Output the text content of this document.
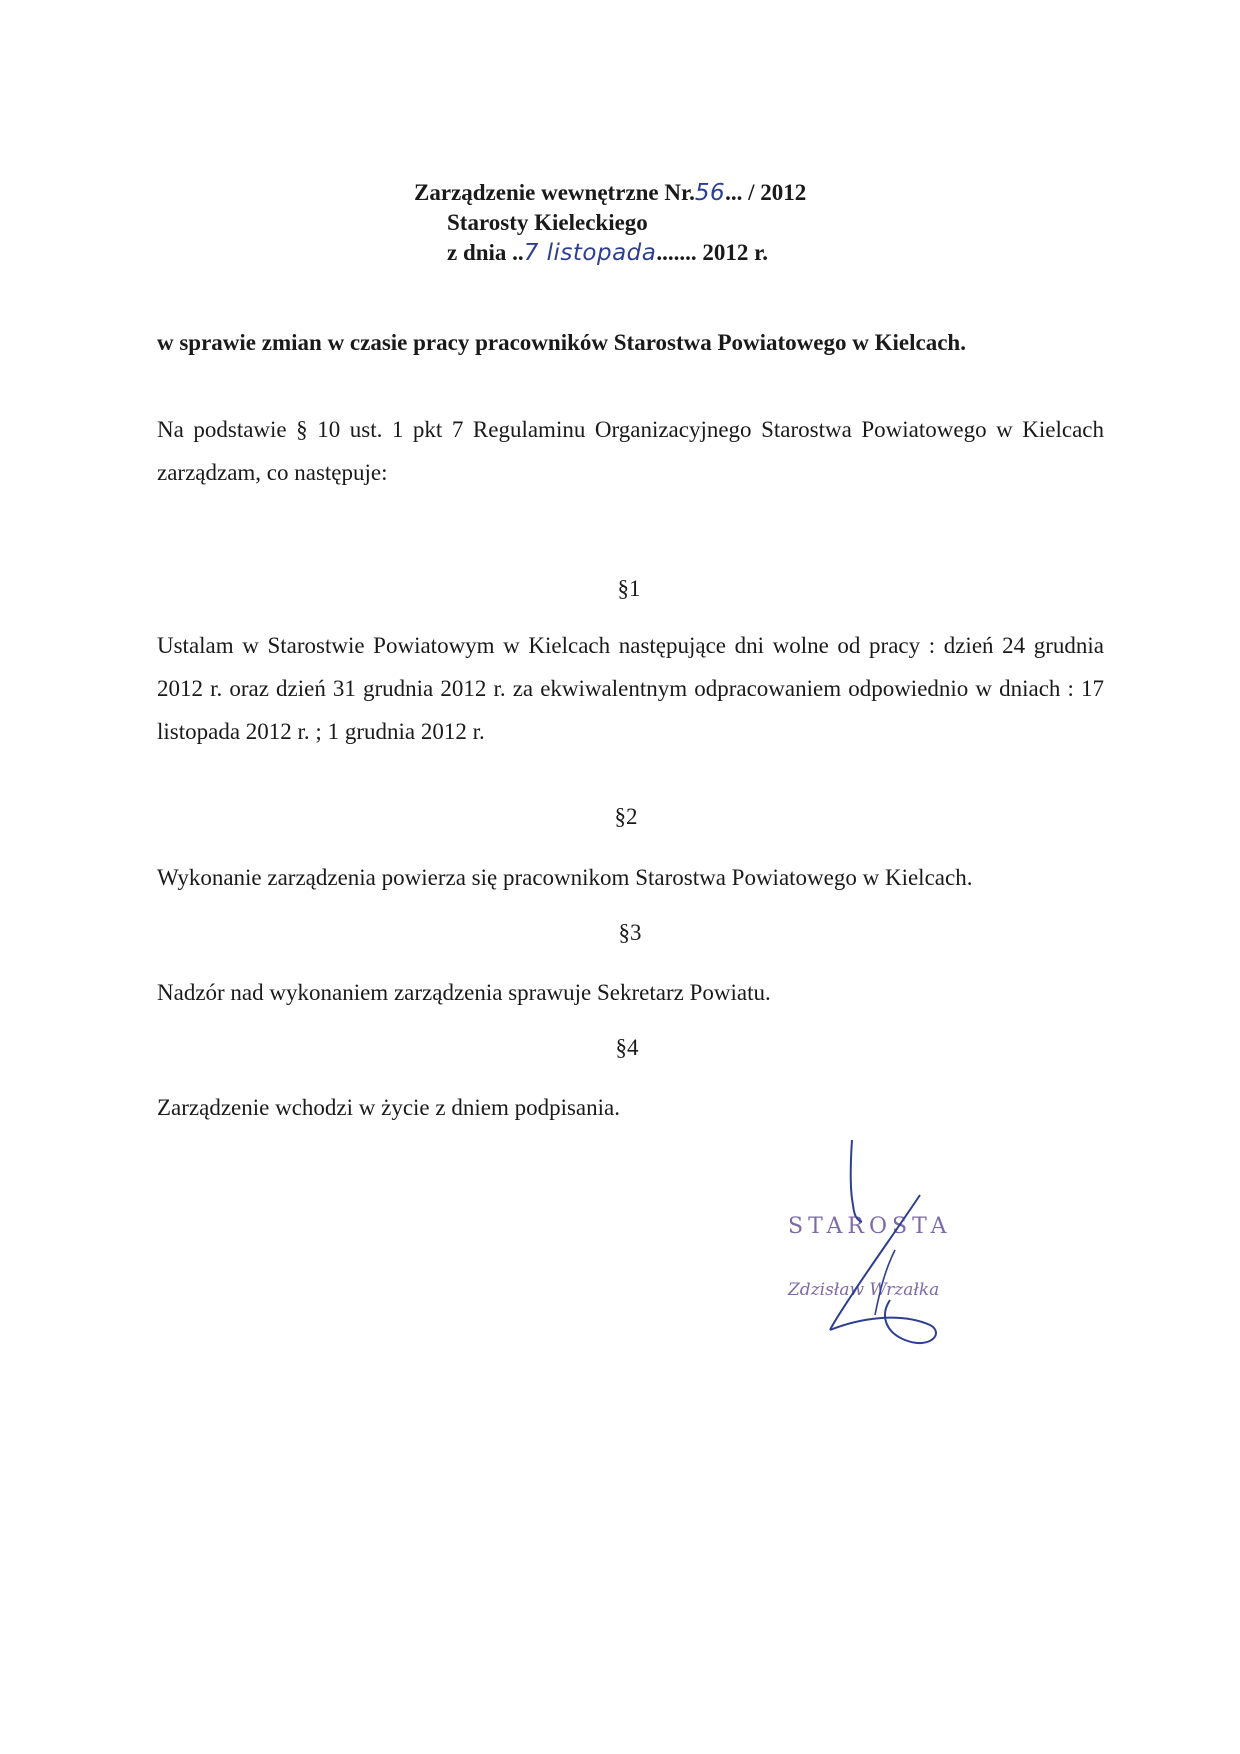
Zarządzenie wewnętrzne Nr.56... / 2012
Starosty Kieleckiego
z dnia ..7 listopada....... 2012 r.
w sprawie zmian w czasie pracy pracowników Starostwa Powiatowego w Kielcach.
Na podstawie § 10 ust. 1 pkt 7 Regulaminu Organizacyjnego Starostwa Powiatowego w Kielcach zarządzam, co następuje:
§1
Ustalam w Starostwie Powiatowym w Kielcach następujące dni wolne od pracy : dzień 24 grudnia 2012 r. oraz dzień 31 grudnia 2012 r. za ekwiwalentnym odpracowaniem odpowiednio w dniach : 17 listopada 2012 r. ; 1 grudnia 2012 r.
§2
Wykonanie zarządzenia powierza się pracownikom Starostwa Powiatowego w Kielcach.
§3
Nadzór nad wykonaniem zarządzenia sprawuje Sekretarz Powiatu.
§4
Zarządzenie wchodzi w życie z dniem podpisania.
STAROSTA
Zdzisław Wrzałka
